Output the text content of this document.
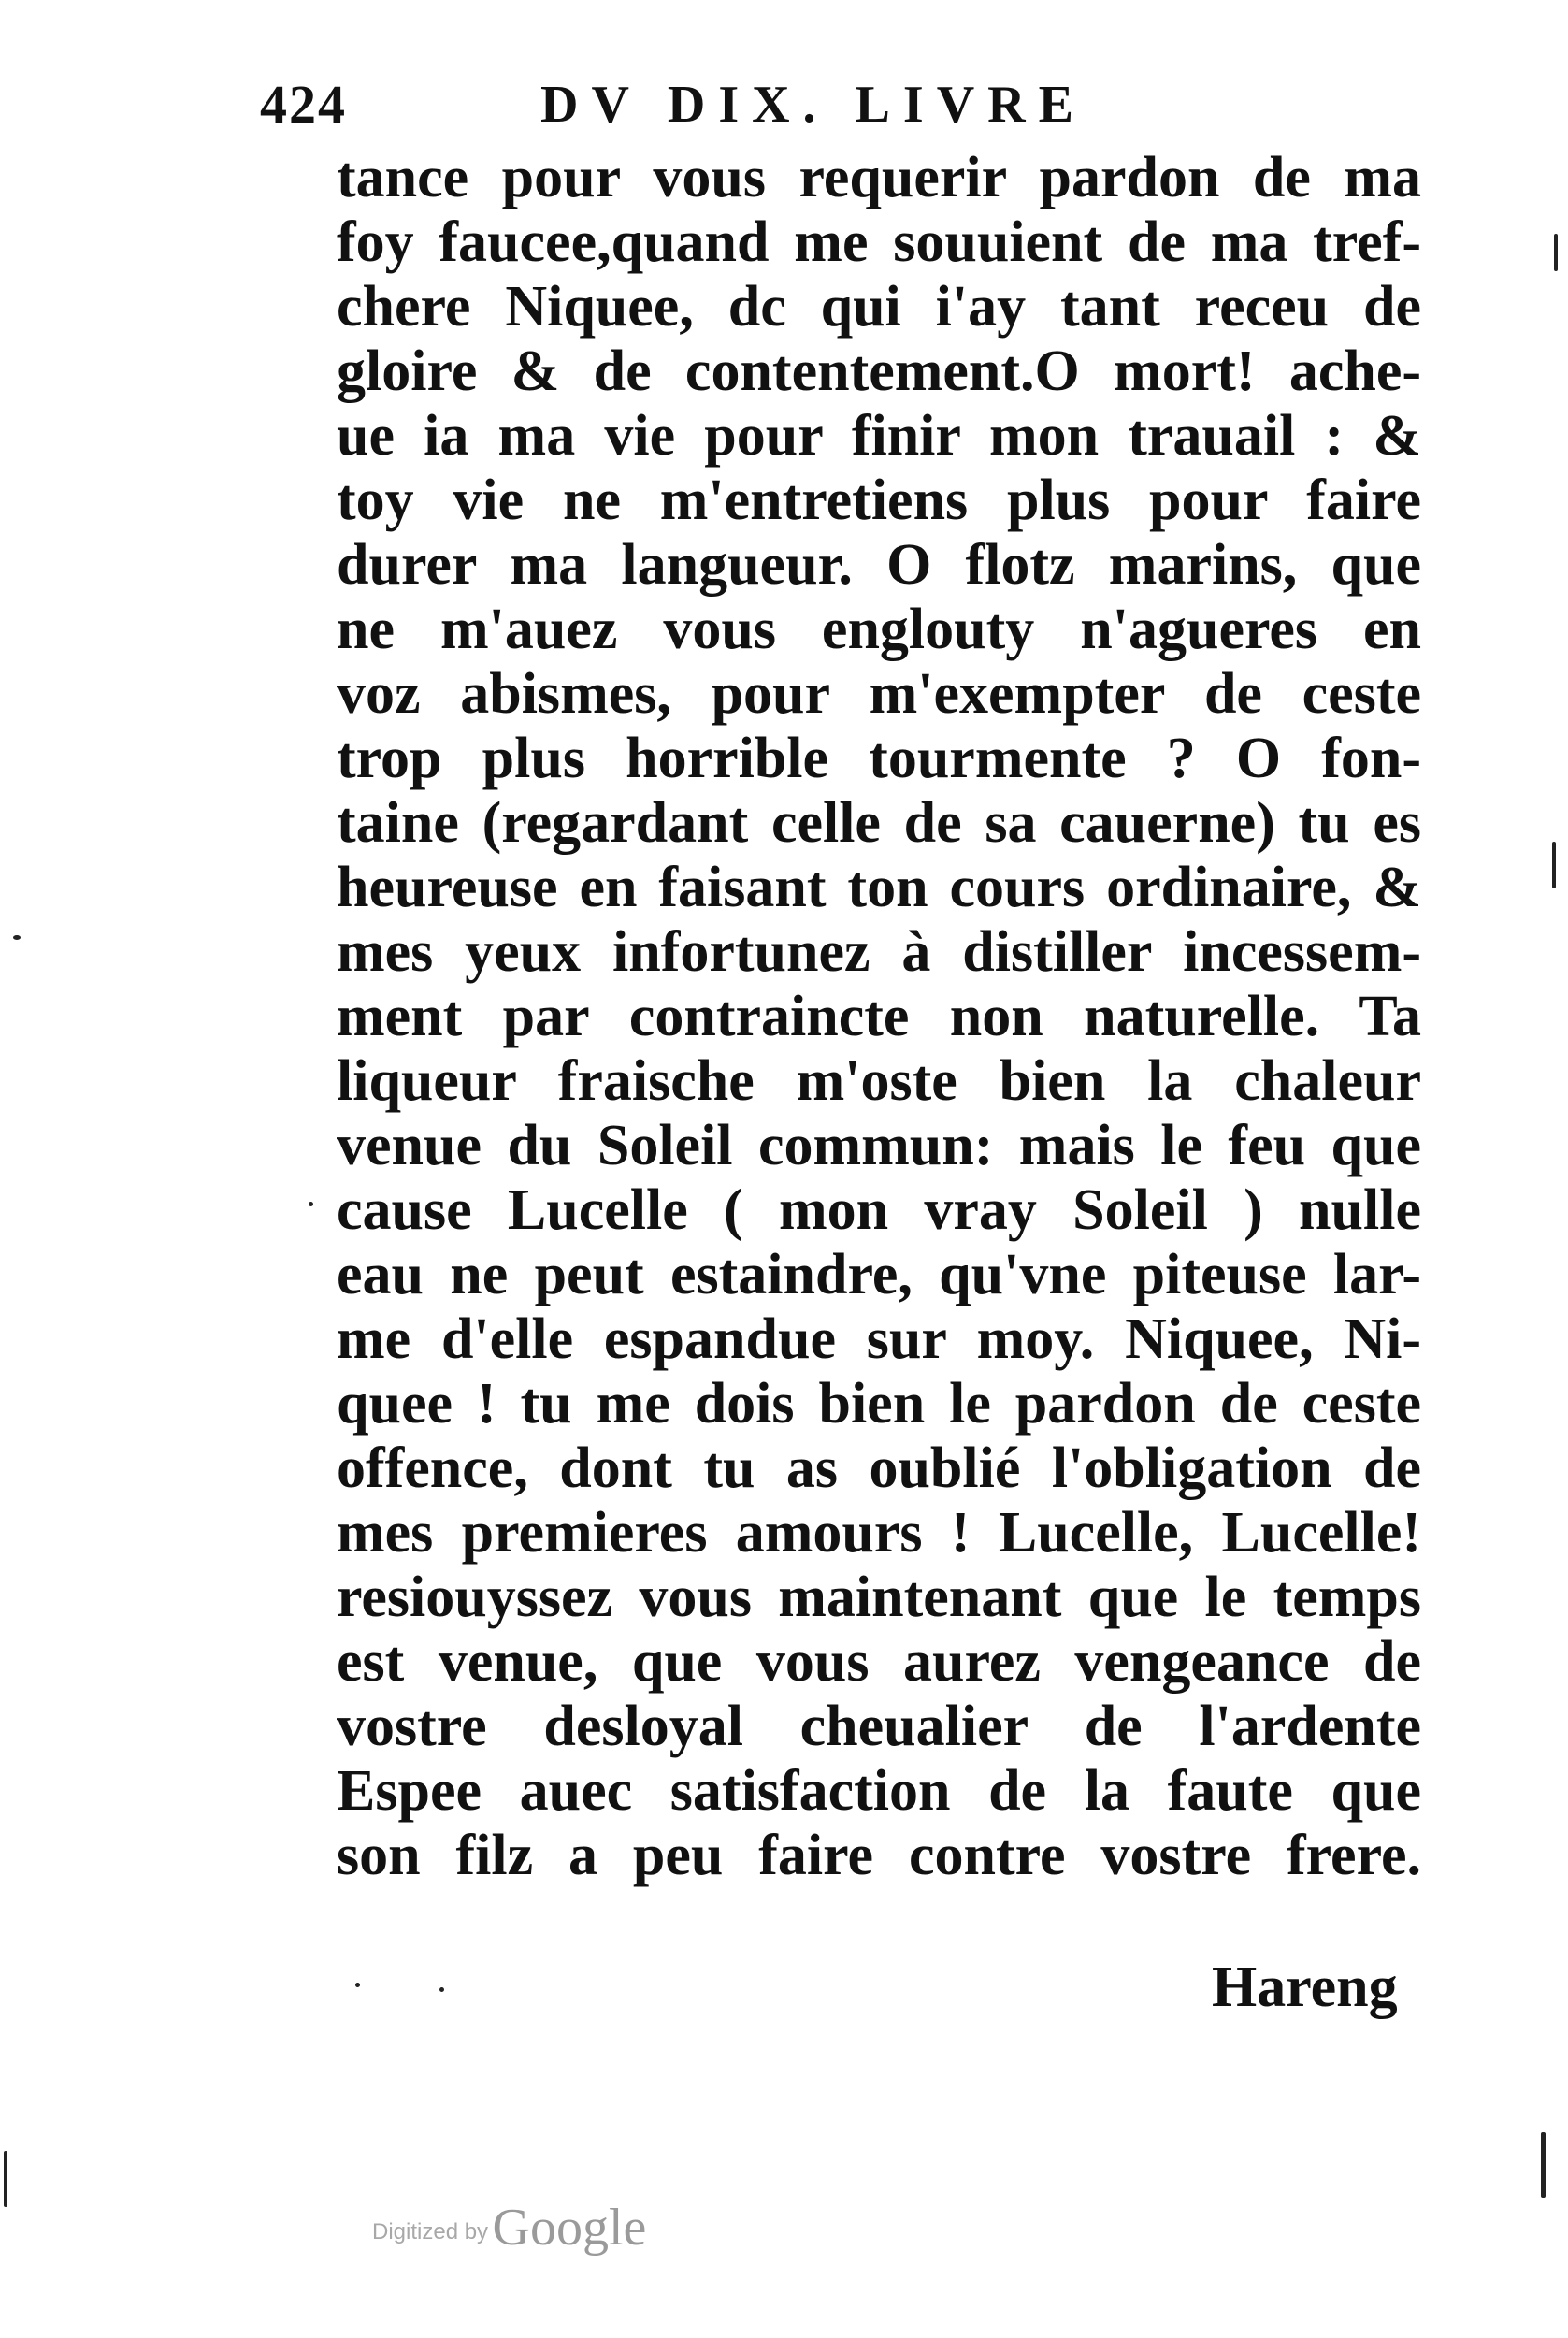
424	DV DIX. LIVRE
tance pour vous requerir pardon de ma
foy faucee,quand me souuient de ma tref-
chere Niquee, dc qui i'ay tant receu de
gloire & de contentement.O mort! ache-
ue ia ma vie pour finir mon trauail : &
toy vie ne m'entretiens plus pour faire
durer ma langueur. O flotz marins, que
ne m'auez vous englouty n'agueres en
voz abismes, pour m'exempter de ceste
trop plus horrible tourmente ? O fon-
taine (regardant celle de sa cauerne) tu es
heureuse en faisant ton cours ordinaire, &
mes yeux infortunez à distiller incessem-
ment par contraincte non naturelle. Ta
liqueur fraische m'oste bien la chaleur
venue du Soleil commun: mais le feu que
cause Lucelle ( mon vray Soleil ) nulle
eau ne peut estaindre, qu'vne piteuse lar-
me d'elle espandue sur moy. Niquee, Ni-
quee ! tu me dois bien le pardon de ceste
offence, dont tu as oublié l'obligation de
mes premieres amours ! Lucelle, Lucelle!
resiouyssez vous maintenant que le temps
est venue, que vous aurez vengeance de
vostre desloyal cheualier de l'ardente
Espee auec satisfaction de la faute que
son filz a peu faire contre vostre frere.
Hareng
Digitized by Google
